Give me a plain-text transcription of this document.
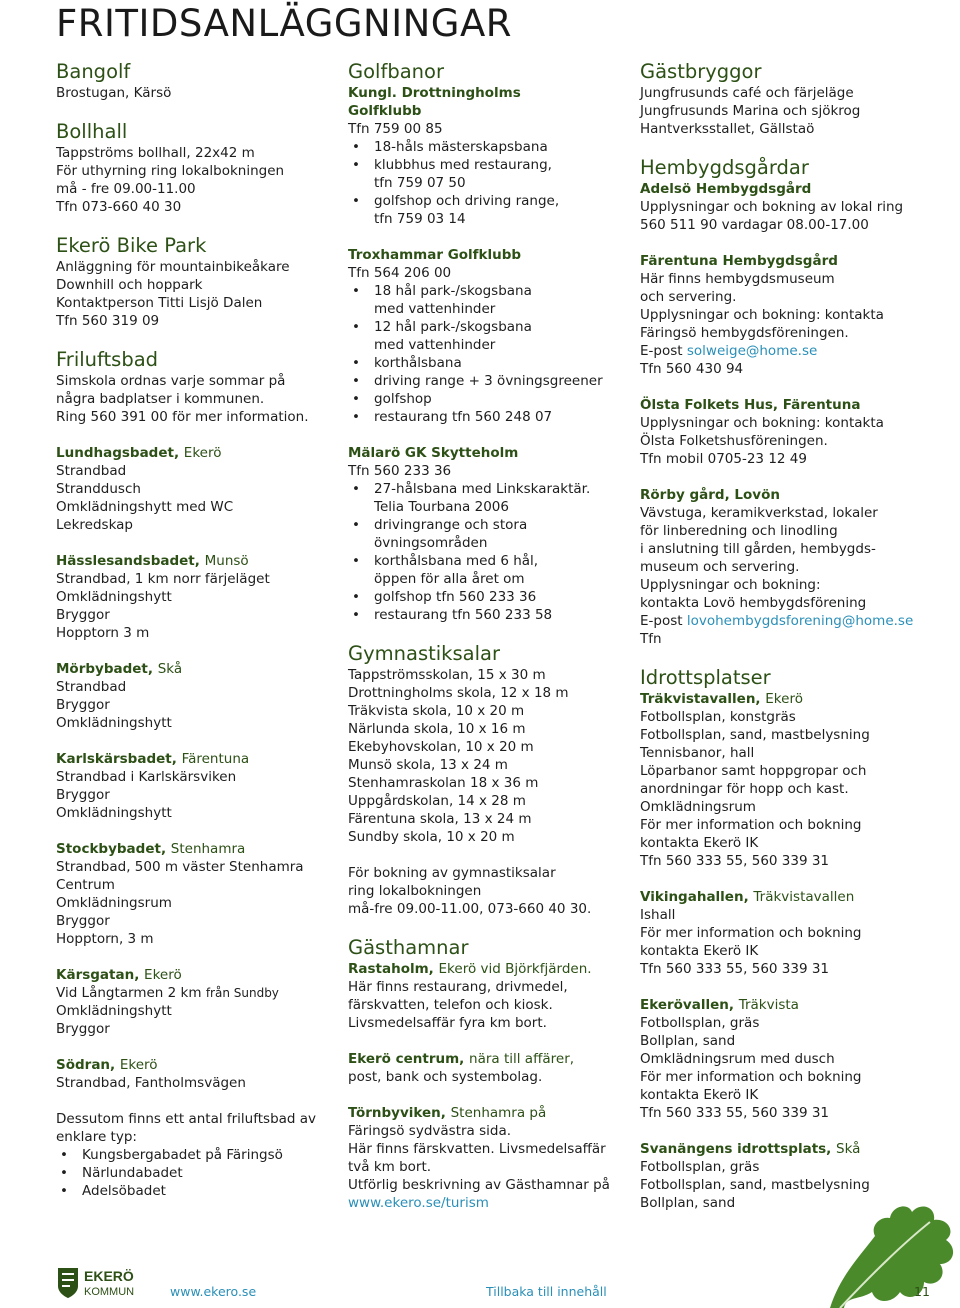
FRITIDSANLÄGGNINGAR
Bangolf
Brostugan, Kärsö
Bollhall
Tappströms bollhall, 22x42 m
För uthyrning ring lokalbokningen
må - fre 09.00-11.00
Tfn 073-660 40 30
Ekerö Bike Park
Anläggning för mountainbikeåkare
Downhill och hoppark
Kontaktperson Titti Lisjö Dalen
Tfn 560 319 09
Friluftsbad
Simskola ordnas varje sommar på
några badplatser i kommunen.
Ring 560 391 00 för mer information.
Lundhagsbadet, Ekerö
Strandbad
Stranddusch
Omklädningshytt med WC
Lekredskap
Hässlesandsbadet, Munsö
Strandbad, 1 km norr färjeläget
Omklädningshytt
Bryggor
Hopptorn 3 m
Mörbybadet, Skå
Strandbad
Bryggor
Omklädningshytt
Karlskärsbadet, Färentuna
Strandbad i Karlskärsviken
Bryggor
Omklädningshytt
Stockbybadet, Stenhamra
Strandbad, 500 m väster Stenhamra
Centrum
Omklädningsrum
Bryggor
Hopptorn, 3 m
Kärsgatan, Ekerö
Vid Långtarmen 2 km från Sundby
Omklädningshytt
Bryggor
Södran, Ekerö
Strandbad, Fantholmsvägen
Dessutom finns ett antal friluftsbad av
enklare typ:
• Kungsbergabadet på Färingsö
• Närlundabadet
• Adelsöbadet
Golfbanor
Kungl. Drottningholms
Golfklubb
Tfn 759 00 85
• 18-håls mästerskapsbana
• klubbhus med restaurang,
tfn 759 07 50
• golfshop och driving range,
tfn 759 03 14
Troxhammar Golfklubb
Tfn 564 206 00
• 18 hål park-/skogsbana
med vattenhinder
• 12 hål park-/skogsbana
med vattenhinder
• korthålsbana
• driving range + 3 övningsgreener
• golfshop
• restaurang tfn 560 248 07
Mälarö GK Skytteholm
Tfn 560 233 36
• 27-hålsbana med Linkskaraktär.
Telia Tourbana 2006
• drivingrange och stora
övningsområden
• korthålsbana med 6 hål,
öppen för alla året om
• golfshop tfn 560 233 36
• restaurang tfn 560 233 58
Gymnastiksalar
Tappströmsskolan, 15 x 30 m
Drottningholms skola, 12 x 18 m
Träkvista skola, 10 x 20 m
Närlunda skola, 10 x 16 m
Ekebyhovskolan, 10 x 20 m
Munsö skola, 13 x 24 m
Stenhamraskolan 18 x 36 m
Uppgårdskolan, 14 x 28 m
Färentuna skola, 13 x 24 m
Sundby skola, 10 x 20 m
För bokning av gymnastiksalar
ring lokalbokningen
må-fre 09.00-11.00, 073-660 40 30.
Gästhamnar
Rastaholm, Ekerö vid Björkfjärden.
Här finns restaurang, drivmedel,
färskvatten, telefon och kiosk.
Livsmedelsaffär fyra km bort.
Ekerö centrum, nära till affärer,
post, bank och systembolag.
Törnbyviken, Stenhamra på
Färingsö sydvästra sida.
Här finns färskvatten. Livsmedelsaffär
två km bort.
Utförlig beskrivning av Gästhamnar på
www.ekero.se/turism
Gästbryggor
Jungfrusunds café och färjeläge
Jungfrusunds Marina och sjökrog
Hantverksstallet, Gällstaö
Hembygdsgårdar
Adelsö Hembygdsgård
Upplysningar och bokning av lokal ring
560 511 90 vardagar 08.00-17.00
Färentuna Hembygdsgård
Här finns hembygdsmuseum
och servering.
Upplysningar och bokning: kontakta
Färingsö hembygdsföreningen.
E-post solweige@home.se
Tfn 560 430 94
Ölsta Folkets Hus, Färentuna
Upplysningar och bokning: kontakta
Ölsta Folketshusföreningen.
Tfn mobil 0705-23 12 49
Rörby gård, Lovön
Vävstuga, keramikverkstad, lokaler
för linberedning och linodling
i anslutning till gården, hembygds-
museum och servering.
Upplysningar och bokning:
kontakta Lovö hembygdsförening
E-post lovohembygdsforening@home.se
Tfn
Idrottsplatser
Träkvistavallen, Ekerö
Fotbollsplan, konstgräs
Fotbollsplan, sand, mastbelysning
Tennisbanor, hall
Löparbanor samt hoppgropar och
anordningar för hopp och kast.
Omklädningsrum
För mer information och bokning
kontakta Ekerö IK
Tfn 560 333 55, 560 339 31
Vikingahallen, Träkvistavallen
Ishall
För mer information och bokning
kontakta Ekerö IK
Tfn 560 333 55, 560 339 31
Ekerövallen, Träkvista
Fotbollsplan, gräs
Bollplan, sand
Omklädningsrum med dusch
För mer information och bokning
kontakta Ekerö IK
Tfn 560 333 55, 560 339 31
Svanängens idrottsplats, Skå
Fotbollsplan, gräs
Fotbollsplan, sand, mastbelysning
Bollplan, sand
EKERÖ
KOMMUN	www.ekero.se	Tillbaka till innehåll	11
